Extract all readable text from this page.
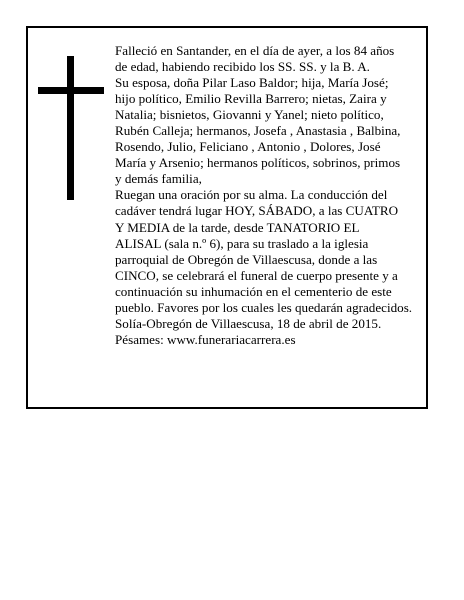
Falleció en Santander, en el día de ayer, a los 84 años
de edad, habiendo recibido los SS. SS. y la B. A.
Su esposa, doña Pilar Laso Baldor; hija, María José;
hijo político, Emilio Revilla Barrero; nietas, Zaira y
Natalia; bisnietos, Giovanni y Yanel; nieto político,
Rubén Calleja; hermanos, Josefa , Anastasia , Balbina,
Rosendo, Julio, Feliciano , Antonio , Dolores, José
María y Arsenio; hermanos políticos, sobrinos, primos
y demás familia,
Ruegan una oración por su alma. La conducción del
cadáver tendrá lugar HOY, SÁBADO, a las CUATRO
Y MEDIA de la tarde, desde TANATORIO EL
ALISAL (sala n.º 6), para su traslado a la iglesia
parroquial de Obregón de Villaescusa, donde a las
CINCO, se celebrará el funeral de cuerpo presente y a
continuación su inhumación en el cementerio de este
pueblo. Favores por los cuales les quedarán agradecidos.
Solía-Obregón de Villaescusa, 18 de abril de 2015.
Pésames: www.funerariacarrera.es
